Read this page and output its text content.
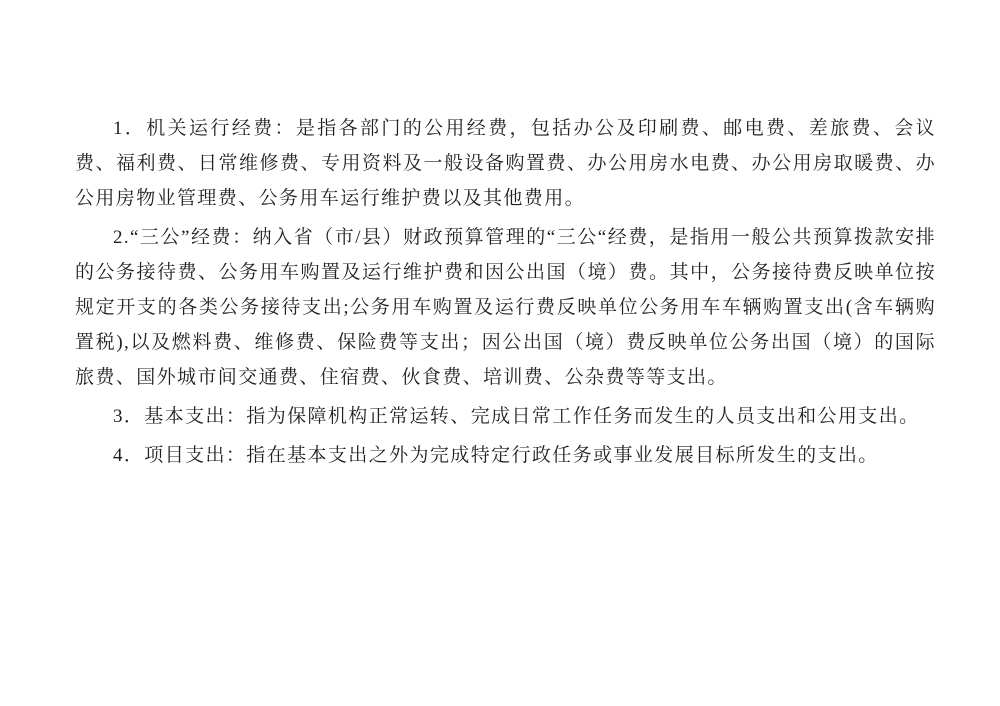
1．机关运行经费：是指各部门的公用经费，包括办公及印刷费、邮电费、差旅费、会议费、福利费、日常维修费、专用资料及一般设备购置费、办公用房水电费、办公用房取暖费、办公用房物业管理费、公务用车运行维护费以及其他费用。

2.“三公”经费：纳入省（市/县）财政预算管理的“三公“经费，是指用一般公共预算拨款安排的公务接待费、公务用车购置及运行维护费和因公出国（境）费。其中，公务接待费反映单位按规定开支的各类公务接待支出;公务用车购置及运行费反映单位公务用车车辆购置支出(含车辆购置税),以及燃料费、维修费、保险费等支出；因公出国（境）费反映单位公务出国（境）的国际旅费、国外城市间交通费、住宿费、伙食费、培训费、公杂费等等支出。

3．基本支出：指为保障机构正常运转、完成日常工作任务而发生的人员支出和公用支出。

4．项目支出：指在基本支出之外为完成特定行政任务或事业发展目标所发生的支出。
